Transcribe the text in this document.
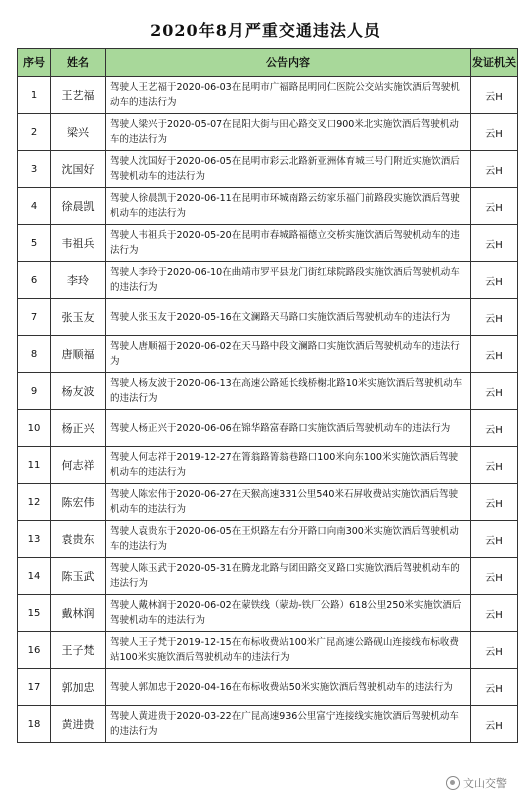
2020年8月严重交通违法人员
序号	姓名	公告内容	发证机关
1	王艺福	驾驶人王艺福于2020-06-03在昆明市广福路昆明同仁医院公交站实施饮酒后驾驶机动车的违法行为	云H
2	梁兴	驾驶人梁兴于2020-05-07在昆阳大街与田心路交叉口900米北实施饮酒后驾驶机动车的违法行为	云H
3	沈国好	驾驶人沈国好于2020-06-05在昆明市彩云北路新亚洲体育城三号门附近实施饮酒后驾驶机动车的违法行为	云H
4	徐晨凯	驾驶人徐晨凯于2020-06-11在昆明市环城南路云纺家乐福门前路段实施饮酒后驾驶机动车的违法行为	云H
5	韦祖兵	驾驶人韦祖兵于2020-05-20在昆明市春城路福德立交桥实施饮酒后驾驶机动车的违法行为	云H
6	李玲	驾驶人李玲于2020-06-10在曲靖市罗平县龙门街红球院路段实施饮酒后驾驶机动车的违法行为	云H
7	张玉友	驾驶人张玉友于2020-05-16在文澜路天马路口实施饮酒后驾驶机动车的违法行为	云H
8	唐顺福	驾驶人唐顺福于2020-06-02在天马路中段文澜路口实施饮酒后驾驶机动车的违法行为	云H
9	杨友波	驾驶人杨友波于2020-06-13在高速公路延长线桥榭北路10米实施饮酒后驾驶机动车的违法行为	云H
10	杨正兴	驾驶人杨正兴于2020-06-06在锦华路富春路口实施饮酒后驾驶机动车的违法行为	云H
11	何志祥	驾驶人何志祥于2019-12-27在箐翁路箐翁巷路口100米向东100米实施饮酒后驾驶机动车的违法行为	云H
12	陈宏伟	驾驶人陈宏伟于2020-06-27在天猴高速331公里540米石屏收费站实施饮酒后驾驶机动车的违法行为	云H
13	袁贵东	驾驶人袁贵东于2020-06-05在王炽路左右分开路口向南300米实施饮酒后驾驶机动车的违法行为	云H
14	陈玉武	驾驶人陈玉武于2020-05-31在腾龙北路与团田路交叉路口实施饮酒后驾驶机动车的违法行为	云H
15	戴林润	驾驶人戴林润于2020-06-02在蒙铁线（蒙劫-铁厂公路）618公里250米实施饮酒后驾驶机动车的违法行为	云H
16	王子梵	驾驶人王子梵于2019-12-15在布标收费站100米广昆高速公路砚山连接线布标收费站100米实施饮酒后驾驶机动车的违法行为	云H
17	郭加忠	驾驶人郭加忠于2020-04-16在布标收费站50米实施饮酒后驾驶机动车的违法行为	云H
18	黄进贵	驾驶人黄进贵于2020-03-22在广昆高速936公里富宁连接线实施饮酒后驾驶机动车的违法行为	云H
文山交警
